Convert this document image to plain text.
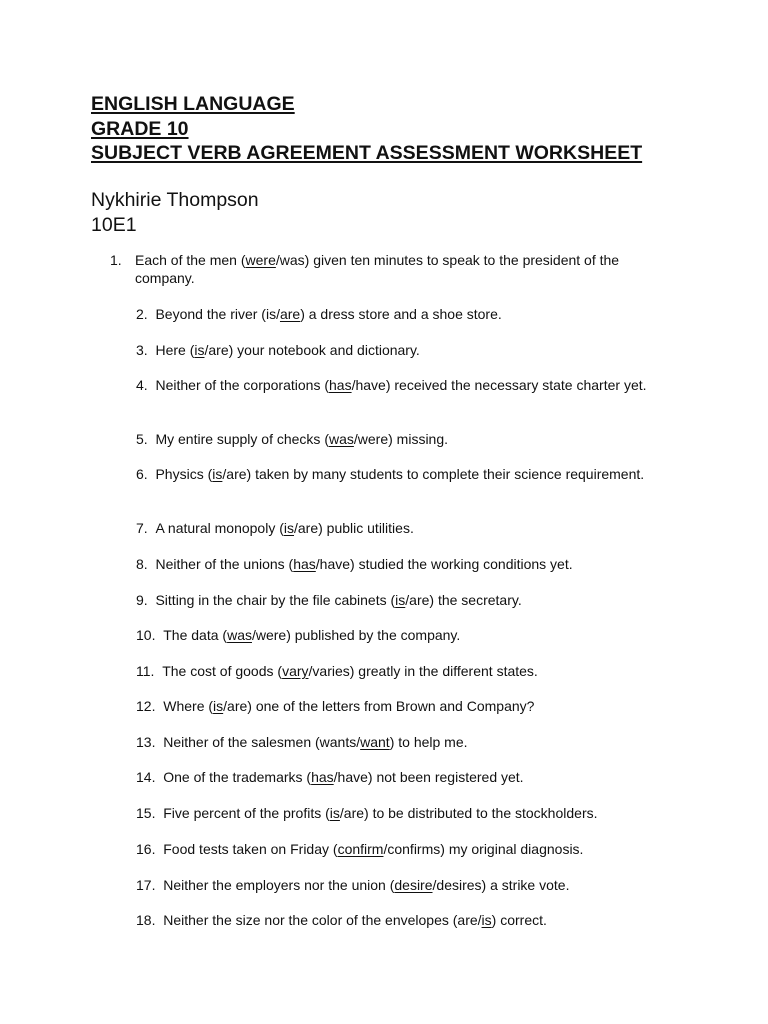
ENGLISH LANGUAGE
GRADE 10
SUBJECT VERB AGREEMENT ASSESSMENT WORKSHEET
Nykhirie Thompson
10E1
1. Each of the men (were/was) given ten minutes to speak to the president of the company.
2. Beyond the river (is/are) a dress store and a shoe store.
3. Here (is/are) your notebook and dictionary.
4. Neither of the corporations (has/have) received the necessary state charter yet.
5. My entire supply of checks (was/were) missing.
6. Physics (is/are) taken by many students to complete their science requirement.
7. A natural monopoly (is/are) public utilities.
8. Neither of the unions (has/have) studied the working conditions yet.
9. Sitting in the chair by the file cabinets (is/are) the secretary.
10. The data (was/were) published by the company.
11. The cost of goods (vary/varies) greatly in the different states.
12. Where (is/are) one of the letters from Brown and Company?
13. Neither of the salesmen (wants/want) to help me.
14. One of the trademarks (has/have) not been registered yet.
15. Five percent of the profits (is/are) to be distributed to the stockholders.
16. Food tests taken on Friday (confirm/confirms) my original diagnosis.
17. Neither the employers nor the union (desire/desires) a strike vote.
18. Neither the size nor the color of the envelopes (are/is) correct.
